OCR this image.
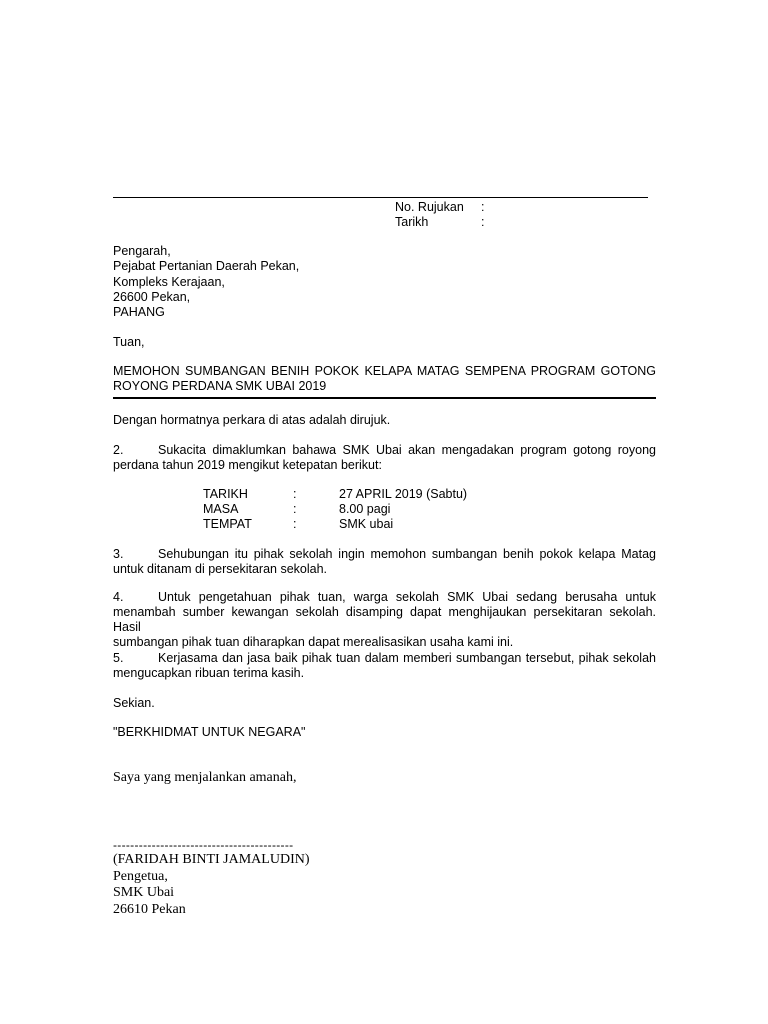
No. Rujukan :
Tarikh	:
Pengarah,
Pejabat Pertanian Daerah Pekan,
Kompleks Kerajaan,
26600 Pekan,
PAHANG
Tuan,
MEMOHON SUMBANGAN BENIH POKOK KELAPA MATAG SEMPENA PROGRAM GOTONG
ROYONG PERDANA SMK UBAI 2019
Dengan hormatnya perkara di atas adalah dirujuk.
2.	Sukacita dimaklumkan bahawa SMK Ubai akan mengadakan program gotong royong
perdana tahun 2019 mengikut ketepatan berikut:
TARIKH	:	27 APRIL 2019 (Sabtu)
MASA	:	8.00 pagi
TEMPAT	:	SMK ubai
3.	Sehubungan itu pihak sekolah ingin memohon sumbangan benih pokok kelapa Matag
untuk ditanam di persekitaran sekolah.
4.	Untuk pengetahuan pihak tuan, warga sekolah SMK Ubai sedang berusaha untuk
menambah sumber kewangan sekolah disamping dapat menghijaukan persekitaran sekolah. Hasil
sumbangan pihak tuan diharapkan dapat merealisasikan usaha kami ini.
5.	Kerjasama dan jasa baik pihak tuan dalam memberi sumbangan tersebut, pihak sekolah
mengucapkan ribuan terima kasih.
Sekian.
"BERKHIDMAT UNTUK NEGARA"
Saya yang menjalankan amanah,
------------------------------------------
(FARIDAH BINTI JAMALUDIN)
Pengetua,
SMK Ubai
26610 Pekan
